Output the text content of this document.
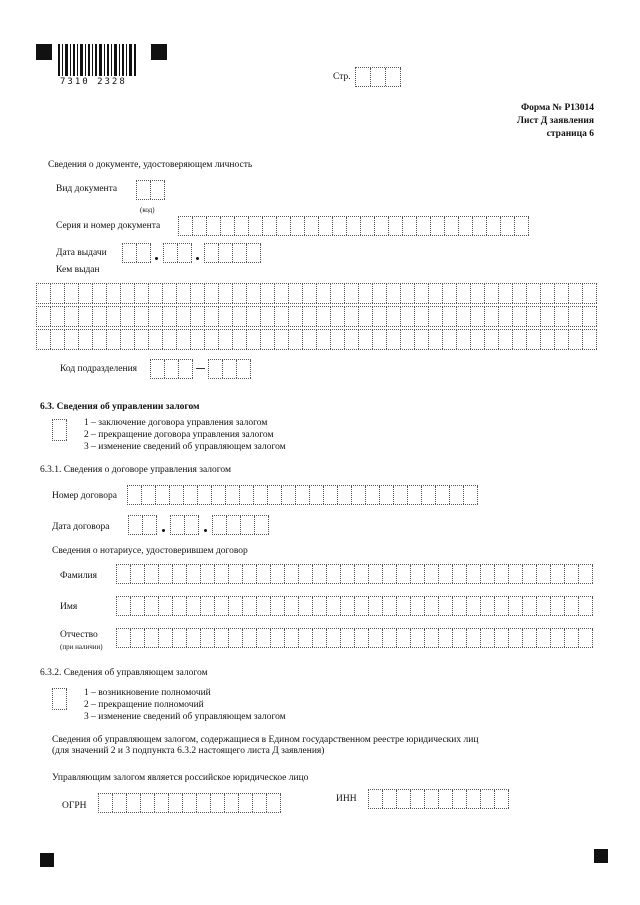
7310 2328	Стр.
Форма № Р13014
Лист Д заявления
страница 6
Сведения о документе, удостоверяющем личность
Вид документа
(код)
Серия и номер документа
Дата выдачи
Кем выдан
Код подразделения
6.3. Сведения об управлении залогом
1 – заключение договора управления залогом
2 – прекращение договора управления залогом
3 – изменение сведений об управляющем залогом
6.3.1. Сведения о договоре управления залогом
Номер договора
Дата договора
Сведения о нотариусе, удостоверившем договор
Фамилия
Имя
Отчество
(при наличии)
6.3.2. Сведения об управляющем залогом
1 – возникновение полномочий
2 – прекращение полномочий
3 – изменение сведений об управляющем залогом
Сведения об управляющем залогом, содержащиеся в Едином государственном реестре юридических лиц
(для значений 2 и 3 подпункта 6.3.2 настоящего листа Д заявления)
Управляющим залогом является российское юридическое лицо
ОГРН
ИНН
